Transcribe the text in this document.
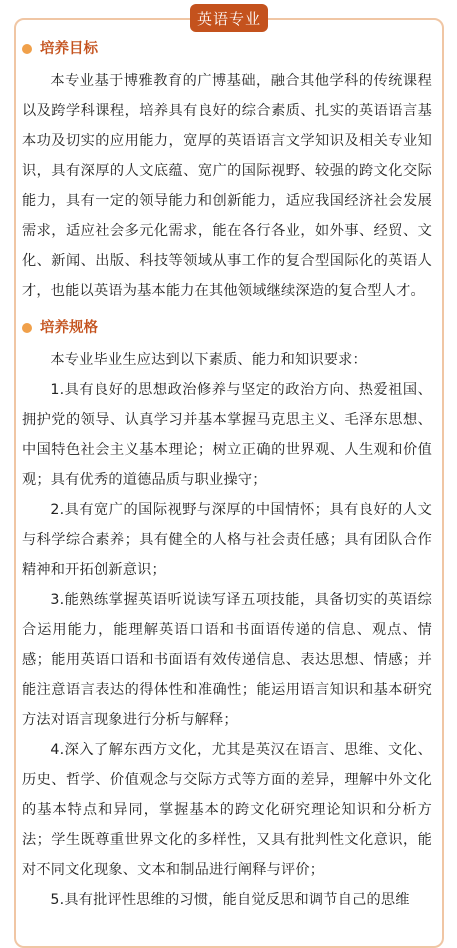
英语专业
培养目标

本专业基于博雅教育的广博基础，融合其他学科的传统课程以及跨学科课程，培养具有良好的综合素质、扎实的英语语言基本功及切实的应用能力，宽厚的英语语言文学知识及相关专业知识，具有深厚的人文底蕴、宽广的国际视野、较强的跨文化交际能力，具有一定的领导能力和创新能力，适应我国经济社会发展需求，适应社会多元化需求，能在各行各业，如外事、经贸、文化、新闻、出版、科技等领域从事工作的复合型国际化的英语人才，也能以英语为基本能力在其他领域继续深造的复合型人才。

培养规格

本专业毕业生应达到以下素质、能力和知识要求：

1.具有良好的思想政治修养与坚定的政治方向、热爱祖国、拥护党的领导、认真学习并基本掌握马克思主义、毛泽东思想、中国特色社会主义基本理论；树立正确的世界观、人生观和价值观；具有优秀的道德品质与职业操守；

2.具有宽广的国际视野与深厚的中国情怀；具有良好的人文与科学综合素养；具有健全的人格与社会责任感；具有团队合作精神和开拓创新意识；

3.能熟练掌握英语听说读写译五项技能，具备切实的英语综合运用能力，能理解英语口语和书面语传递的信息、观点、情感；能用英语口语和书面语有效传递信息、表达思想、情感；并能注意语言表达的得体性和准确性；能运用语言知识和基本研究方法对语言现象进行分析与解释；

4.深入了解东西方文化，尤其是英汉在语言、思维、文化、历史、哲学、价值观念与交际方式等方面的差异，理解中外文化的基本特点和异同，掌握基本的跨文化研究理论知识和分析方法；学生既尊重世界文化的多样性，又具有批判性文化意识，能对不同文化现象、文本和制品进行阐释与评价；

5.具有批评性思维的习惯，能自觉反思和调节自己的思维
